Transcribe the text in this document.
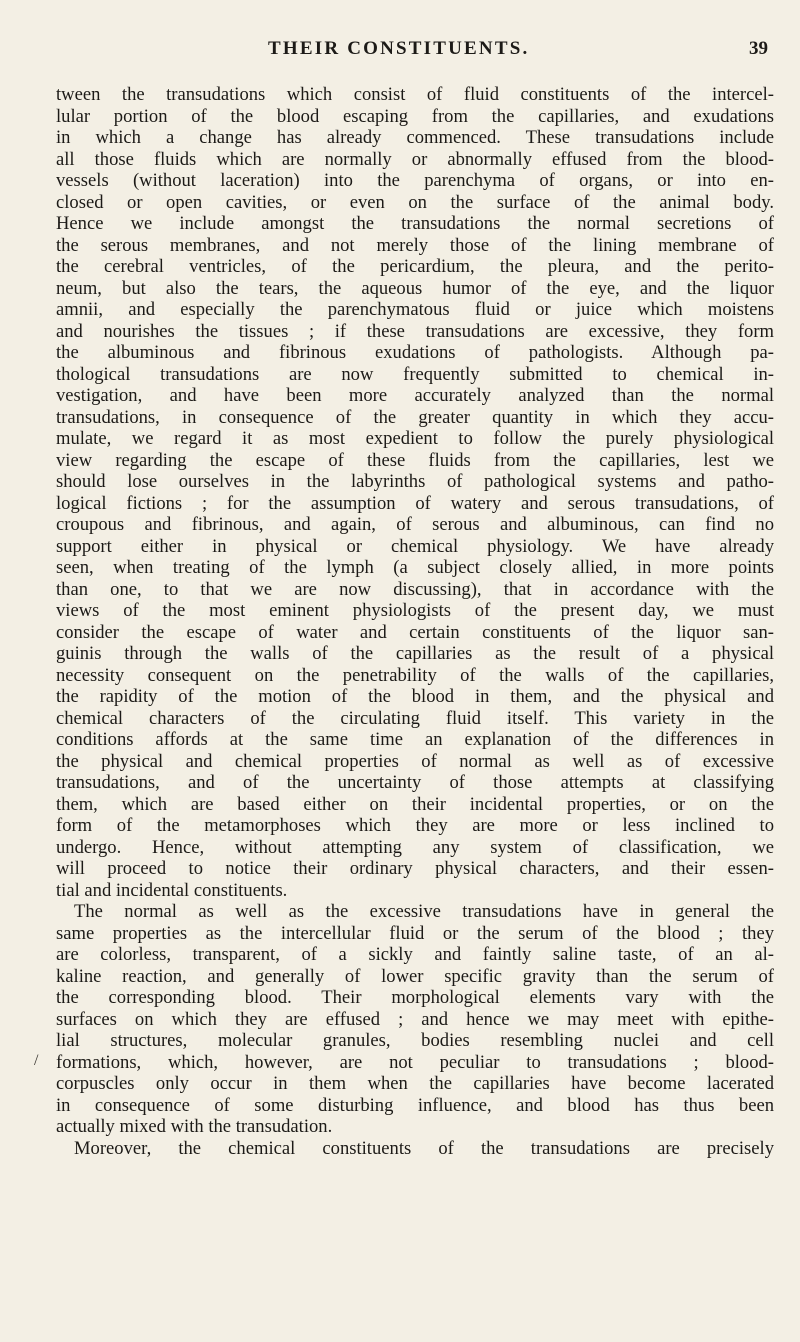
THEIR CONSTITUENTS.	39
/
tween the transudations which consist of fluid constituents of the intercel-
lular portion of the blood escaping from the capillaries, and exudations
in which a change has already commenced. These transudations include
all those fluids which are normally or abnormally effused from the blood-
vessels (without laceration) into the parenchyma of organs, or into en-
closed or open cavities, or even on the surface of the animal body.
Hence we include amongst the transudations the normal secretions of
the serous membranes, and not merely those of the lining membrane of
the cerebral ventricles, of the pericardium, the pleura, and the perito-
neum, but also the tears, the aqueous humor of the eye, and the liquor
amnii, and especially the parenchymatous fluid or juice which moistens
and nourishes the tissues ; if these transudations are excessive, they form
the albuminous and fibrinous exudations of pathologists. Although pa-
thological transudations are now frequently submitted to chemical in-
vestigation, and have been more accurately analyzed than the normal
transudations, in consequence of the greater quantity in which they accu-
mulate, we regard it as most expedient to follow the purely physiological
view regarding the escape of these fluids from the capillaries, lest we
should lose ourselves in the labyrinths of pathological systems and patho-
logical fictions ; for the assumption of watery and serous transudations, of
croupous and fibrinous, and again, of serous and albuminous, can find no
support either in physical or chemical physiology. We have already
seen, when treating of the lymph (a subject closely allied, in more points
than one, to that we are now discussing), that in accordance with the
views of the most eminent physiologists of the present day, we must
consider the escape of water and certain constituents of the liquor san-
guinis through the walls of the capillaries as the result of a physical
necessity consequent on the penetrability of the walls of the capillaries,
the rapidity of the motion of the blood in them, and the physical and
chemical characters of the circulating fluid itself. This variety in the
conditions affords at the same time an explanation of the differences in
the physical and chemical properties of normal as well as of excessive
transudations, and of the uncertainty of those attempts at classifying
them, which are based either on their incidental properties, or on the
form of the metamorphoses which they are more or less inclined to
undergo. Hence, without attempting any system of classification, we
will proceed to notice their ordinary physical characters, and their essen-
tial and incidental constituents.
The normal as well as the excessive transudations have in general the
same properties as the intercellular fluid or the serum of the blood ; they
are colorless, transparent, of a sickly and faintly saline taste, of an al-
kaline reaction, and generally of lower specific gravity than the serum of
the corresponding blood. Their morphological elements vary with the
surfaces on which they are effused ; and hence we may meet with epithe-
lial structures, molecular granules, bodies resembling nuclei and cell
formations, which, however, are not peculiar to transudations ; blood-
corpuscles only occur in them when the capillaries have become lacerated
in consequence of some disturbing influence, and blood has thus been
actually mixed with the transudation.
Moreover, the chemical constituents of the transudations are precisely
